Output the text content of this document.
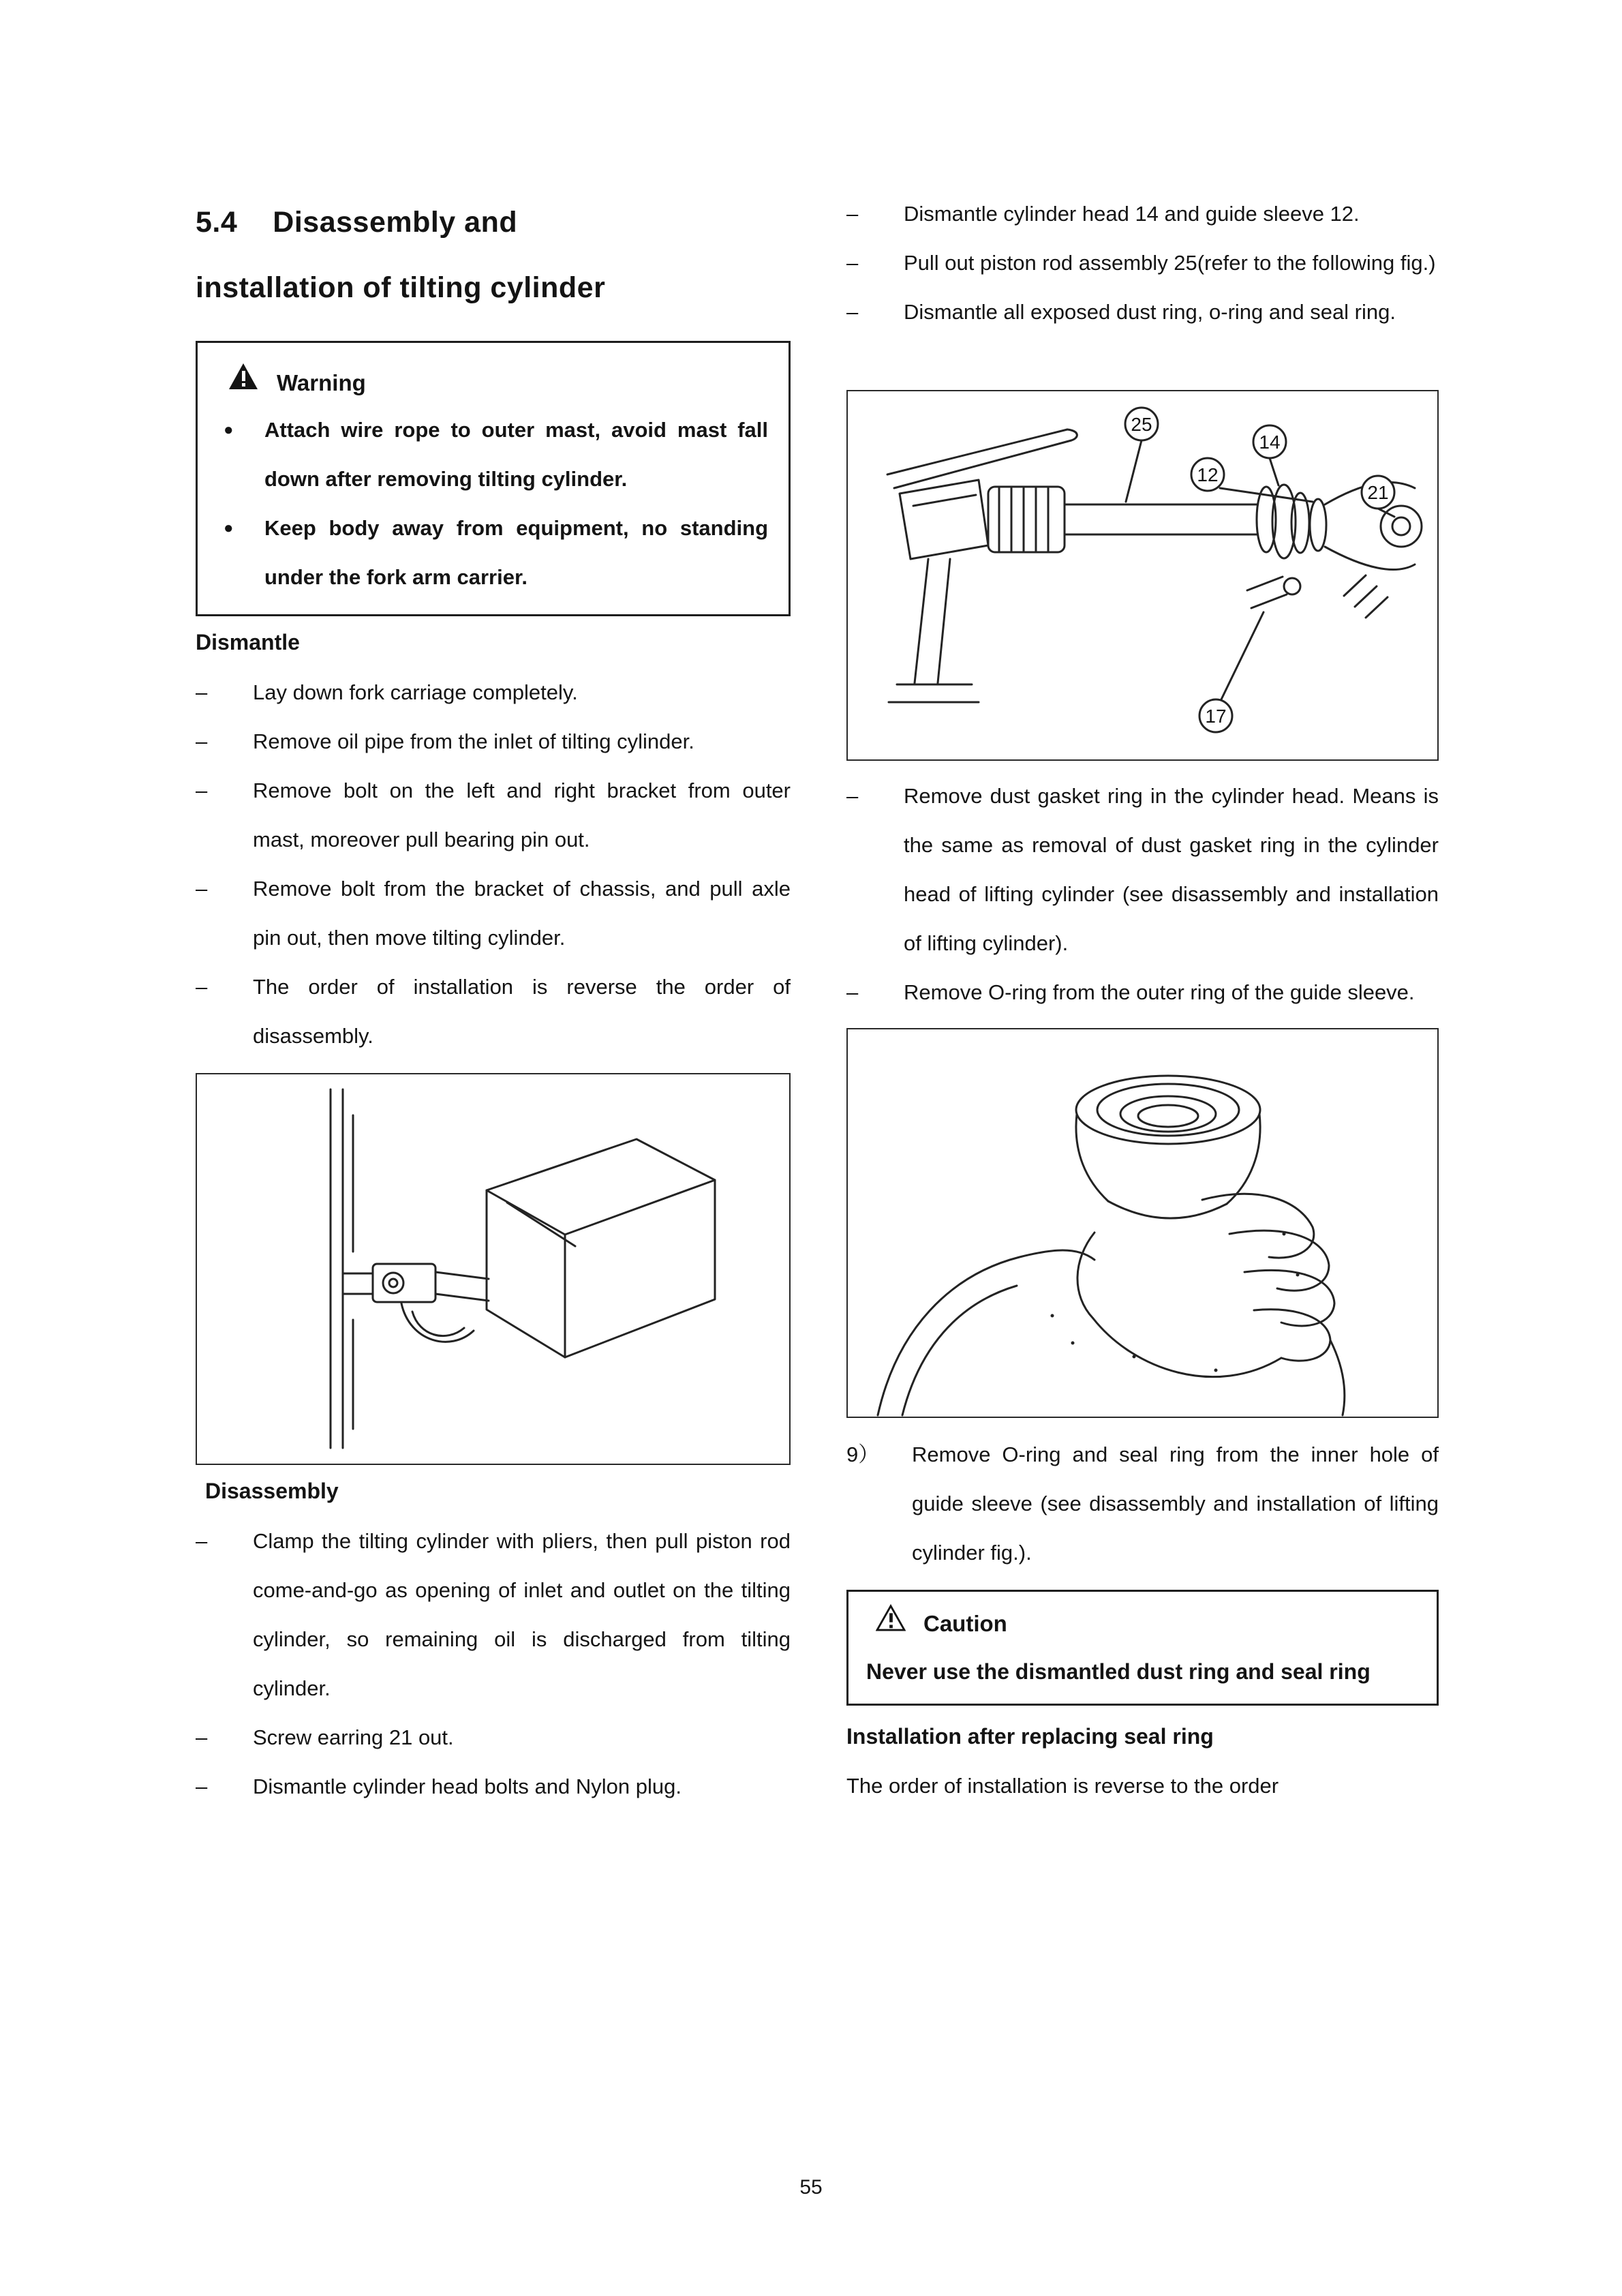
5.4 Disassembly and
installation of tilting cylinder
Warning
●	Attach wire rope to outer mast, avoid mast fall down after removing tilting cylinder.
●	Keep body away from equipment, no standing under the fork arm carrier.
Dismantle
–	Lay down fork carriage completely.
–	Remove oil pipe from the inlet of tilting cylinder.
–	Remove bolt on the left and right bracket from outer mast, moreover pull bearing pin out.
–	Remove bolt from the bracket of chassis, and pull axle pin out, then move tilting cylinder.
–	The order of installation is reverse the order of disassembly.
Disassembly
–	Clamp the tilting cylinder with pliers, then pull piston rod come-and-go as opening of inlet and outlet on the tilting cylinder, so remaining oil is discharged from tilting cylinder.
–	Screw earring 21 out.
–	Dismantle cylinder head bolts and Nylon plug.
–	Dismantle cylinder head 14 and guide sleeve 12.
–	Pull out piston rod assembly 25(refer to the following fig.)
–	Dismantle all exposed dust ring, o-ring and seal ring.
25
14
12
21
17
–	Remove dust gasket ring in the cylinder head. Means is the same as removal of dust gasket ring in the cylinder head of lifting cylinder (see disassembly and installation of lifting cylinder).
–	Remove O-ring from the outer ring of the guide sleeve.
9）	Remove O-ring and seal ring from the inner hole of guide sleeve (see disassembly and installation of lifting cylinder fig.).
Caution
Never use the dismantled dust ring and seal ring
Installation after replacing seal ring
The order of installation is reverse to the order
55
